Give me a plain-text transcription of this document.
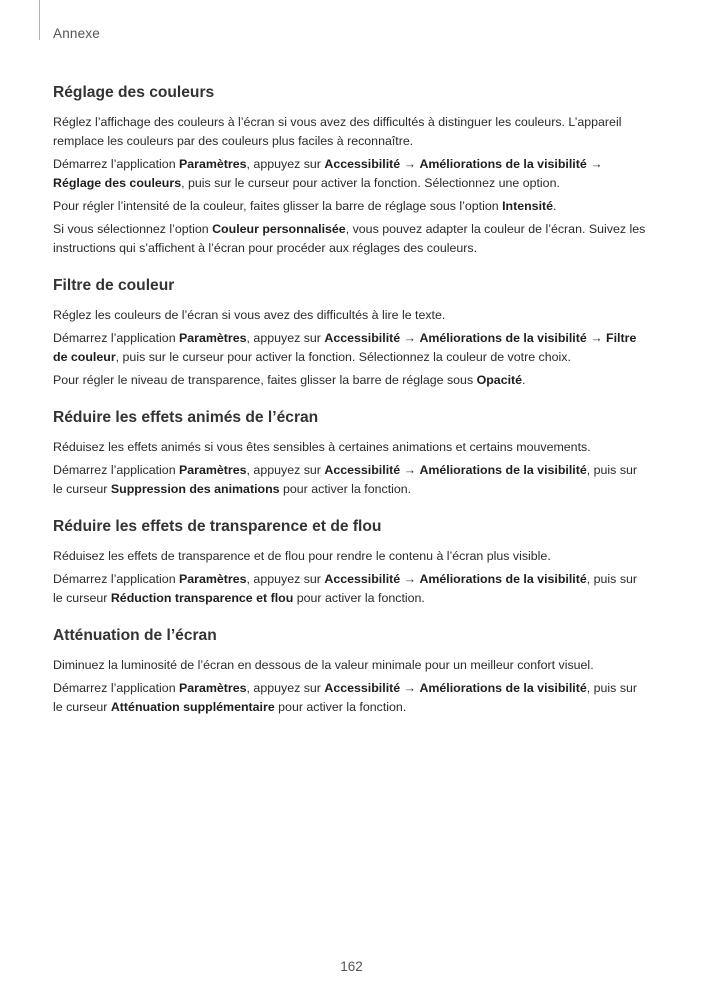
Annexe
Réglage des couleurs

Réglez l’affichage des couleurs à l’écran si vous avez des difficultés à distinguer les couleurs. L’appareil remplace les couleurs par des couleurs plus faciles à reconnaître.

Démarrez l’application Paramètres, appuyez sur Accessibilité → Améliorations de la visibilité → Réglage des couleurs, puis sur le curseur pour activer la fonction. Sélectionnez une option.

Pour régler l’intensité de la couleur, faites glisser la barre de réglage sous l’option Intensité.

Si vous sélectionnez l’option Couleur personnalisée, vous pouvez adapter la couleur de l’écran. Suivez les instructions qui s’affichent à l’écran pour procéder aux réglages des couleurs.

Filtre de couleur

Réglez les couleurs de l’écran si vous avez des difficultés à lire le texte.

Démarrez l’application Paramètres, appuyez sur Accessibilité → Améliorations de la visibilité → Filtre de couleur, puis sur le curseur pour activer la fonction. Sélectionnez la couleur de votre choix.

Pour régler le niveau de transparence, faites glisser la barre de réglage sous Opacité.

Réduire les effets animés de l’écran

Réduisez les effets animés si vous êtes sensibles à certaines animations et certains mouvements.

Démarrez l’application Paramètres, appuyez sur Accessibilité → Améliorations de la visibilité, puis sur le curseur Suppression des animations pour activer la fonction.

Réduire les effets de transparence et de flou

Réduisez les effets de transparence et de flou pour rendre le contenu à l’écran plus visible.

Démarrez l’application Paramètres, appuyez sur Accessibilité → Améliorations de la visibilité, puis sur le curseur Réduction transparence et flou pour activer la fonction.

Atténuation de l’écran

Diminuez la luminosité de l’écran en dessous de la valeur minimale pour un meilleur confort visuel.

Démarrez l’application Paramètres, appuyez sur Accessibilité → Améliorations de la visibilité, puis sur le curseur Atténuation supplémentaire pour activer la fonction.

162
